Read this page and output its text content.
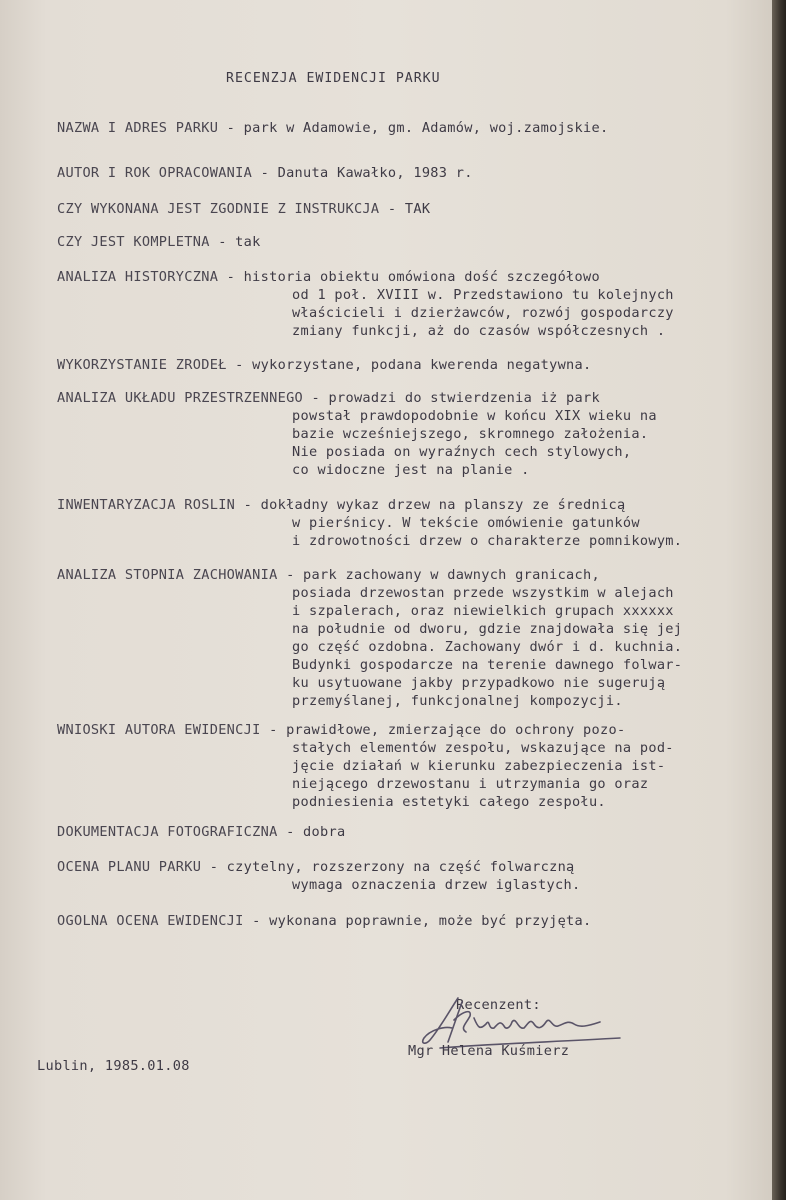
RECENZJA EWIDENCJI PARKU
NAZWA I ADRES PARKU - park w Adamowie, gm. Adamów, woj.zamojskie.
AUTOR I ROK OPRACOWANIA - Danuta Kawałko, 1983 r.
CZY WYKONANA JEST ZGODNIE Z INSTRUKCJA - TAK
CZY JEST KOMPLETNA - tak
ANALIZA HISTORYCZNA - historia obiektu omówiona dość szczegółowo
od 1 poł. XVIII w. Przedstawiono tu kolejnych
właścicieli i dzierżawców, rozwój gospodarczy
zmiany funkcji, aż do czasów współczesnych .
WYKORZYSTANIE ZRODEŁ - wykorzystane, podana kwerenda negatywna.
ANALIZA UKŁADU PRZESTRZENNEGO - prowadzi do stwierdzenia iż park
powstał prawdopodobnie w końcu XIX wieku na
bazie wcześniejszego, skromnego założenia.
Nie posiada on wyraźnych cech stylowych,
co widoczne jest na planie .
INWENTARYZACJA ROSLIN - dokładny wykaz drzew na planszy ze średnicą
w pierśnicy. W tekście omówienie gatunków
i zdrowotności drzew o charakterze pomnikowym.
ANALIZA STOPNIA ZACHOWANIA - park zachowany w dawnych granicach,
posiada drzewostan przede wszystkim w alejach
i szpalerach, oraz niewielkich grupach xxxxxx
na południe od dworu, gdzie znajdowała się jej
go część ozdobna. Zachowany dwór i d. kuchnia.
Budynki gospodarcze na terenie dawnego folwar-
ku usytuowane jakby przypadkowo nie sugerują
przemyślanej, funkcjonalnej kompozycji.
WNIOSKI AUTORA EWIDENCJI - prawidłowe, zmierzające do ochrony pozo-
stałych elementów zespołu, wskazujące na pod-
jęcie działań w kierunku zabezpieczenia ist-
niejącego drzewostanu i utrzymania go oraz
podniesienia estetyki całego zespołu.
DOKUMENTACJA FOTOGRAFICZNA - dobra
OCENA PLANU PARKU - czytelny, rozszerzony na część folwarczną
wymaga oznaczenia drzew iglastych.
OGOLNA OCENA EWIDENCJI - wykonana poprawnie, może być przyjęta.
Recenzent:
Mgr Helena Kuśmierz
Lublin, 1985.01.08
